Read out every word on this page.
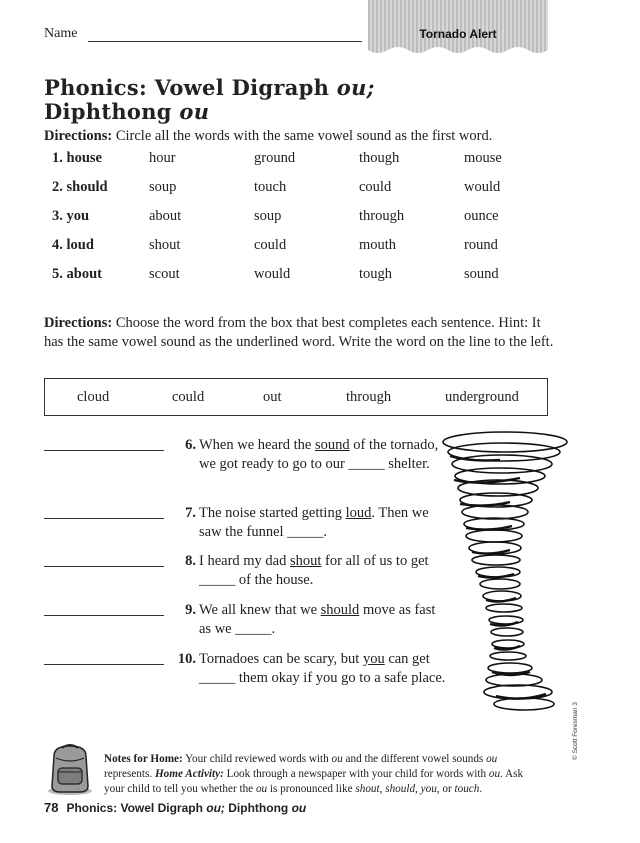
Name	Tornado Alert
Phonics: Vowel Digraph ou;
Diphthong ou
Directions: Circle all the words with the same vowel sound as the first word.
1. house	hour	ground	though	mouse
2. should	soup	touch	could	would
3. you	about	soup	through	ounce
4. loud	shout	could	mouth	round
5. about	scout	would	tough	sound
Directions: Choose the word from the box that best completes each sentence. Hint: It has the same vowel sound as the underlined word. Write the word on the line to the left.
cloud	could	out	through	underground
6. When we heard the sound of the tornado, we got ready to go to our _____ shelter.
7. The noise started getting loud. Then we saw the funnel _____.
8. I heard my dad shout for all of us to get _____ of the house.
9. We all knew that we should move as fast as we _____.
10. Tornadoes can be scary, but you can get _____ them okay if you go to a safe place.
© Scott Foresman 3
Notes for Home: Your child reviewed words with ou and the different vowel sounds ou represents. Home Activity: Look through a newspaper with your child for words with ou. Ask your child to tell you whether the ou is pronounced like shout, should, you, or touch.
78 Phonics: Vowel Digraph ou; Diphthong ou
